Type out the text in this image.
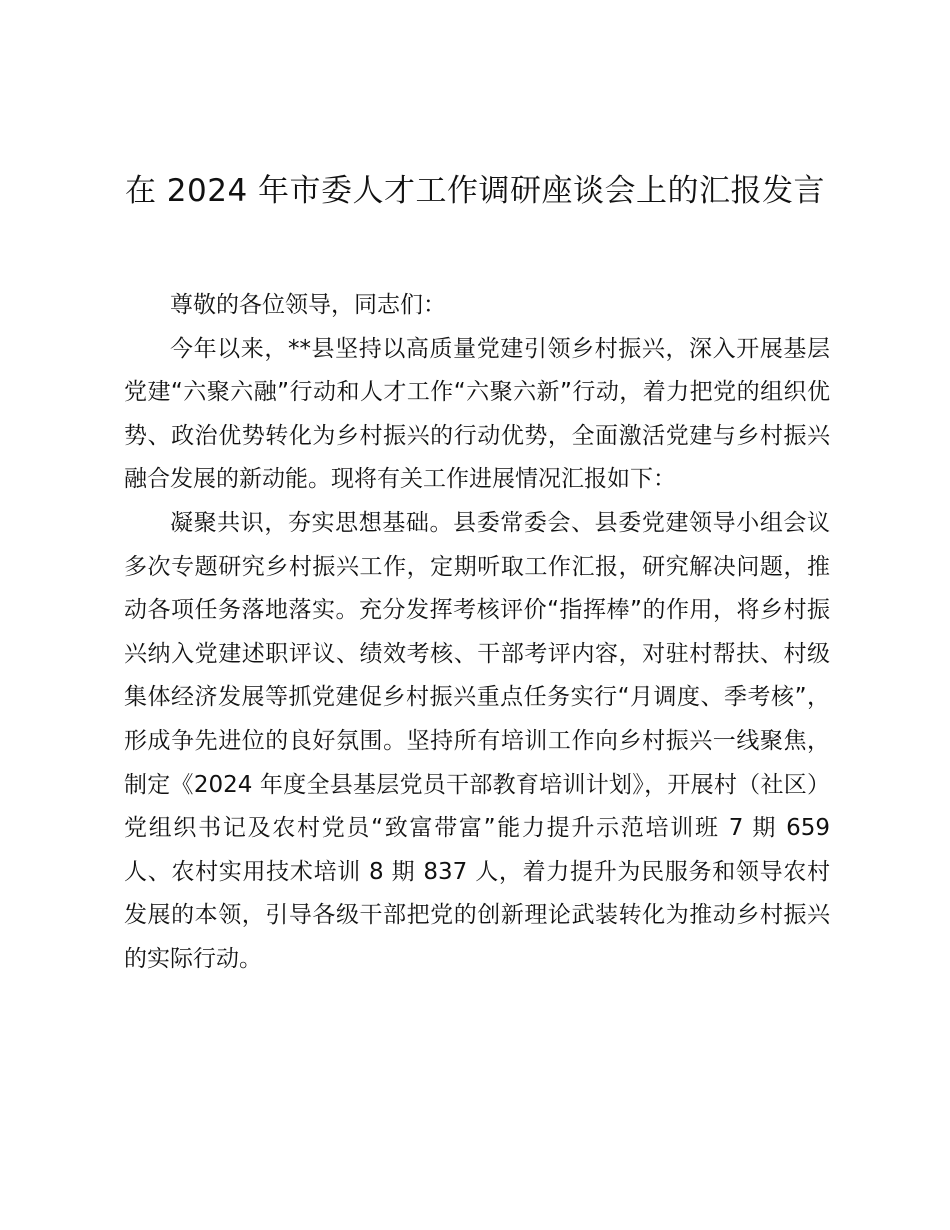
在 2024 年市委人才工作调研座谈会上的汇报发言

尊敬的各位领导，同志们：

今年以来，**县坚持以高质量党建引领乡村振兴，深入开展基层党建“六聚六融”行动和人才工作“六聚六新”行动，着力把党的组织优势、政治优势转化为乡村振兴的行动优势，全面激活党建与乡村振兴融合发展的新动能。现将有关工作进展情况汇报如下：

凝聚共识，夯实思想基础。县委常委会、县委党建领导小组会议多次专题研究乡村振兴工作，定期听取工作汇报，研究解决问题，推动各项任务落地落实。充分发挥考核评价“指挥棒”的作用，将乡村振兴纳入党建述职评议、绩效考核、干部考评内容，对驻村帮扶、村级集体经济发展等抓党建促乡村振兴重点任务实行“月调度、季考核”，形成争先进位的良好氛围。坚持所有培训工作向乡村振兴一线聚焦，制定《2024 年度全县基层党员干部教育培训计划》，开展村（社区）党组织书记及农村党员“致富带富”能力提升示范培训班 7 期 659 人、农村实用技术培训 8 期 837 人，着力提升为民服务和领导农村发展的本领，引导各级干部把党的创新理论武装转化为推动乡村振兴的实际行动。
